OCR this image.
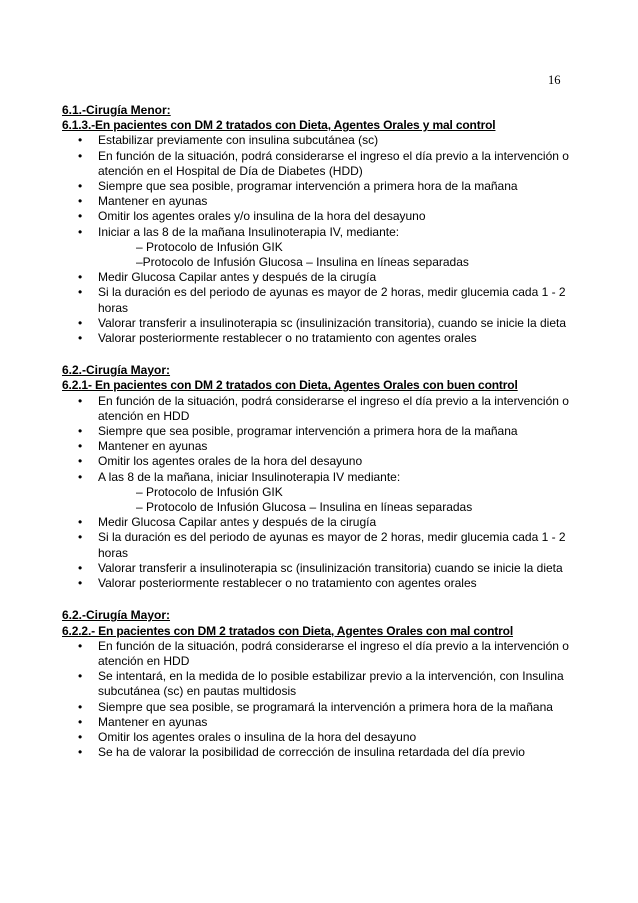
16
6.1.-Cirugía Menor:
6.1.3.-En pacientes con DM 2 tratados con Dieta, Agentes Orales y mal control
• Estabilizar previamente con insulina subcutánea (sc)
• En función de la situación, podrá considerarse el ingreso el día previo a la intervención o atención en el Hospital de Día de Diabetes (HDD)
• Siempre que sea posible, programar intervención a primera hora de la mañana
• Mantener en ayunas
• Omitir los agentes orales y/o insulina de la hora del desayuno
• Iniciar a las 8 de la mañana Insulinoterapia IV, mediante:
– Protocolo de Infusión GIK
–Protocolo de Infusión Glucosa – Insulina en líneas separadas
• Medir Glucosa Capilar antes y después de la cirugía
• Si la duración es del periodo de ayunas es mayor de 2 horas, medir glucemia cada 1 - 2 horas
• Valorar transferir a insulinoterapia sc (insulinización transitoria), cuando se inicie la dieta
• Valorar posteriormente restablecer o no tratamiento con agentes orales
6.2.-Cirugía Mayor:
6.2.1- En pacientes con DM 2 tratados con Dieta, Agentes Orales con buen control
• En función de la situación, podrá considerarse el ingreso el día previo a la intervención o atención en HDD
• Siempre que sea posible, programar intervención a primera hora de la mañana
• Mantener en ayunas
• Omitir los agentes orales de la hora del desayuno
• A las 8 de la mañana, iniciar Insulinoterapia IV mediante:
– Protocolo de Infusión GIK
– Protocolo de Infusión Glucosa – Insulina en líneas separadas
• Medir Glucosa Capilar antes y después de la cirugía
• Si la duración es del periodo de ayunas es mayor de 2 horas, medir glucemia cada 1 - 2 horas
• Valorar transferir a insulinoterapia sc (insulinización transitoria) cuando se inicie la dieta
• Valorar posteriormente restablecer o no tratamiento con agentes orales
6.2.-Cirugía Mayor:
6.2.2.- En pacientes con DM 2 tratados con Dieta, Agentes Orales con mal control
• En función de la situación, podrá considerarse el ingreso el día previo a la intervención o atención en HDD
• Se intentará, en la medida de lo posible estabilizar previo a la intervención, con Insulina subcutánea (sc) en pautas multidosis
• Siempre que sea posible, se programará la intervención a primera hora de la mañana
• Mantener en ayunas
• Omitir los agentes orales o insulina de la hora del desayuno
• Se ha de valorar la posibilidad de corrección de insulina retardada del día previo
